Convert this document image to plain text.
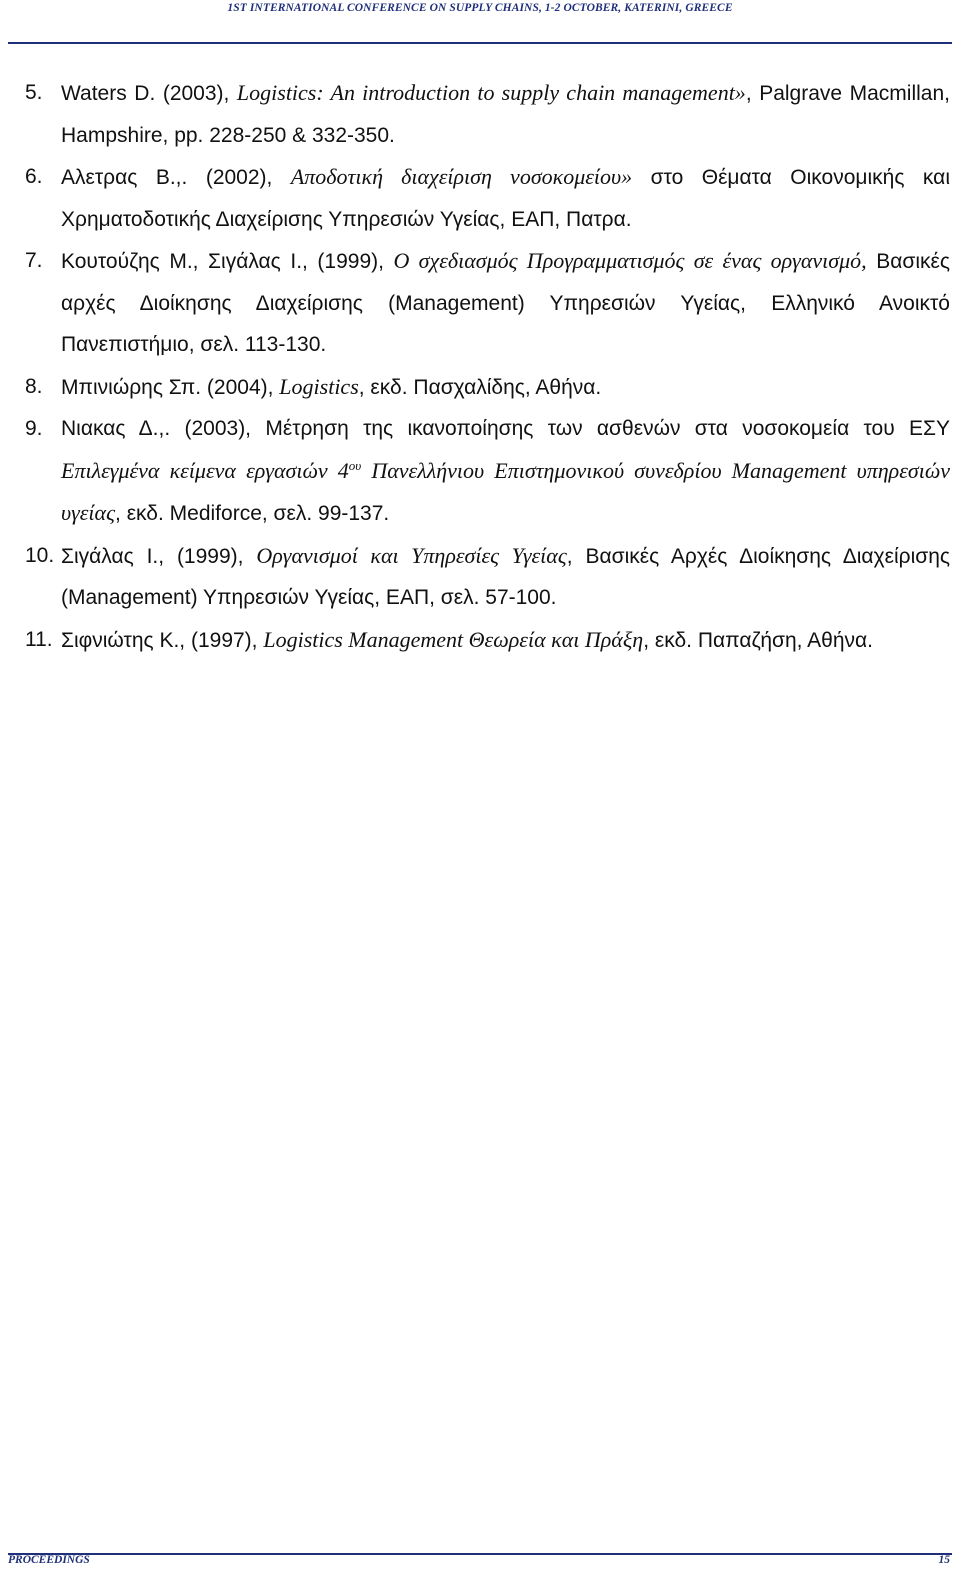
1ST INTERNATIONAL CONFERENCE ON SUPPLY CHAINS, 1-2 OCTOBER, KATERINI, GREECE
5. Waters D. (2003), Logistics: An introduction to supply chain management», Palgrave Macmillan, Hampshire, pp. 228-250 & 332-350.
6. Αλετρας Β.,. (2002), Αποδοτική διαχείριση νοσοκομείου» στο Θέματα Οικονομικής και Χρηματοδοτικής Διαχείρισης Υπηρεσιών Υγείας, ΕΑΠ, Πατρα.
7. Κουτούζης Μ., Σιγάλας Ι., (1999), Ο σχεδιασμός Προγραμματισμός σε ένας οργανισμό, Βασικές αρχές Διοίκησης Διαχείρισης (Management) Υπηρεσιών Υγείας, Ελληνικό Ανοικτό Πανεπιστήμιο, σελ. 113-130.
8. Μπινιώρης Σπ. (2004), Logistics, εκδ. Πασχαλίδης, Αθήνα.
9. Νιακας Δ.,. (2003), Μέτρηση της ικανοποίησης των ασθενών στα νοσοκομεία του ΕΣΥ Επιλεγμένα κείμενα εργασιών $4^{o\upsilon}$ Πανελλήνιου Επιστημονικού συνεδρίου Management υπηρεσιών υγείας, εκδ. Mediforce, σελ. 99-137.
10. Σιγάλας Ι., (1999), Οργανισμοί και Υπηρεσίες Υγείας, Βασικές Αρχές Διοίκησης Διαχείρισης (Management) Υπηρεσιών Υγείας, ΕΑΠ, σελ. 57-100.
11. Σιφνιώτης Κ., (1997), Logistics Management Θεωρεία και Πράξη, εκδ. Παπαζήση, Αθήνα.
PROCEEDINGS	15
